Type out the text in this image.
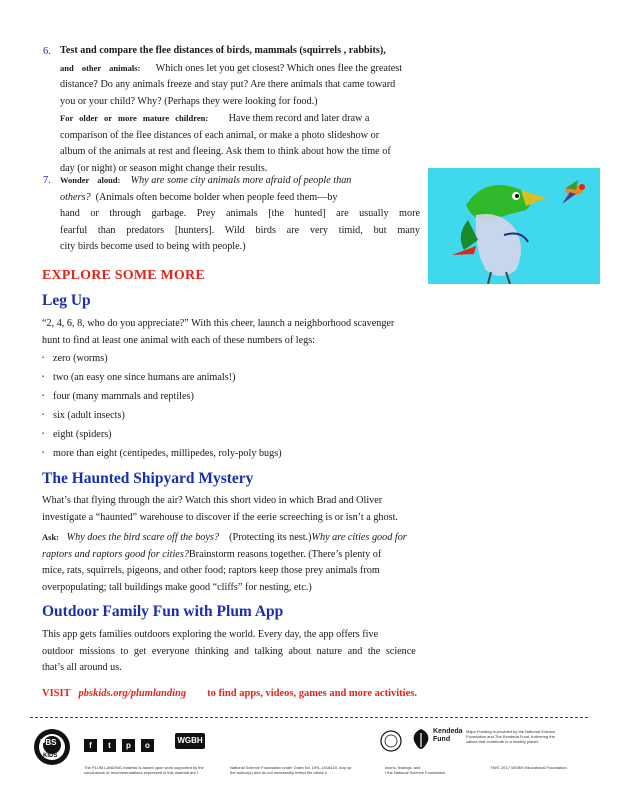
6. Test and compare the flee distances of birds, mammals (squirrels , rabbits),
and other animals: Which ones let you get closest? Which ones flee the greatest
distance? Do any animals freeze and stay put? Are there animals that came toward
you or your child? Why? (Perhaps they were looking for food.)
For older or more mature children: Have them record and later draw a
comparison of the flee distances of each animal, or make a photo slideshow or
album of the animals at rest and fleeing. Ask them to think about how the time of
day (or night) or season might change their results.
7. Wonder aloud: Why are some city animals more afraid of people than
others? (Animals often become bolder when people feed them—by
hand or through garbage. Prey animals [the hunted] are usually more
fearful than predators [hunters]. Wild birds are very timid, but many
city birds become used to being with people.)
EXPLORE SOME MORE
Leg Up
“2, 4, 6, 8, who do you appreciate?” With this cheer, launch a neighborhood scavenger
hunt to find at least one animal with each of these numbers of legs:
▪ zero (worms)
▪ two (an easy one since humans are animals!)
▪ four (many mammals and reptiles)
▪ six (adult insects)
▪ eight (spiders)
▪ more than eight (centipedes, millipedes, roly-poly bugs)
The Haunted Shipyard Mystery
What’s that flying through the air? Watch this short video in which Brad and Oliver
investigate a “haunted” warehouse to discover if the eerie screeching is or isn’t a ghost.
Ask: Why does the bird scare off the boys? (Protecting its nest.)Why are cities good for
raptors and raptors good for cities?Brainstorm reasons together. (There’s plenty of
mice, rats, squirrels, pigeons, and other food; raptors keep those prey animals from
overpopulating; tall buildings make good “cliffs” for nesting, etc.)
Outdoor Family Fun with Plum App
This app gets families outdoors exploring the world. Every day, the app offers five
outdoor missions to get everyone thinking and talking about nature and the science
that’s all around us.
VISIT pbskids.org/plumlanding to find apps, videos, games and more activities.
PBS
KIDS
f t p o
WGBH
Kendeda
Fund
Major Funding is provided by the National Science
Foundation and The Kendeda Fund, furthering the
values that contribute to a healthy planet.
The PLUM LANDING material is based upon work supported by the
conclusions or recommendations expressed in this material are t
National Science Foundation under Grant No. DRL-1516420. Any op
the author(s) and do not necessarily reflect the views o
inions, findings, and
f the National Science Foundation.
TM/© 2017 WGBH Educational Foundation.
